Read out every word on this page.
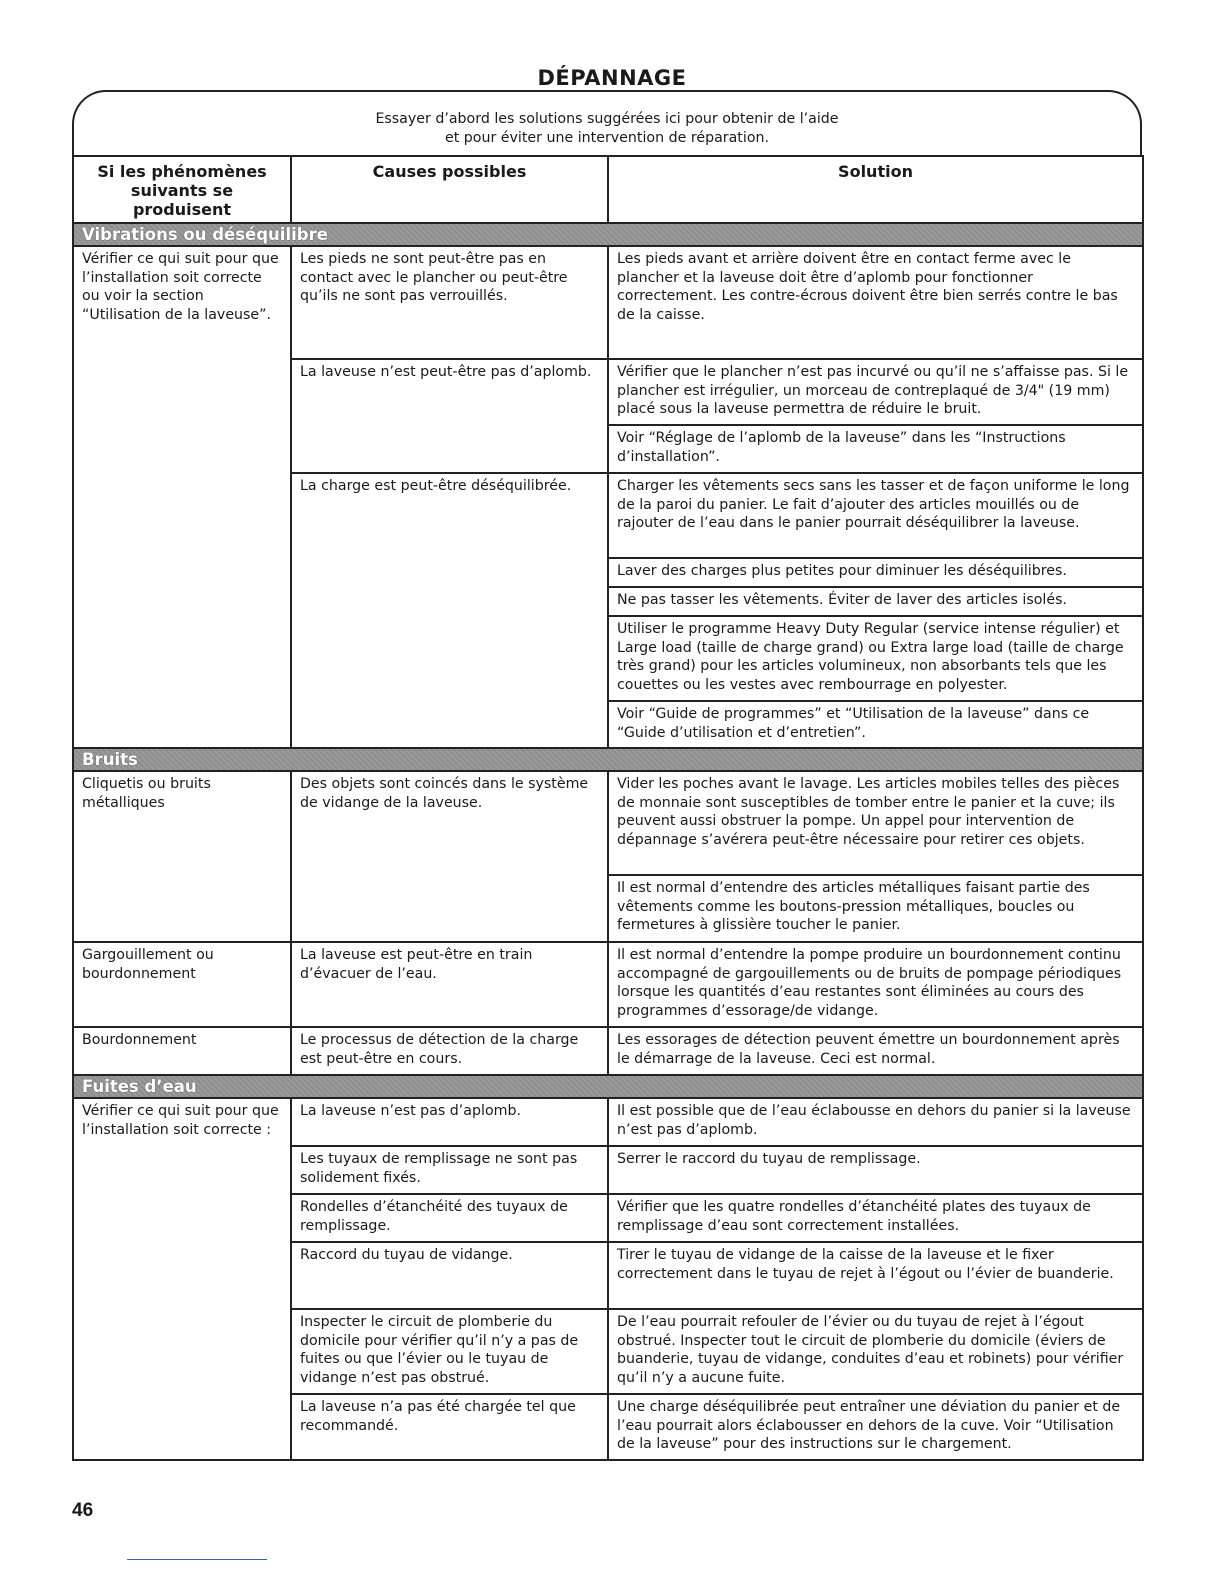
DÉPANNAGE
Essayer d’abord les solutions suggérées ici pour obtenir de l’aide
et pour éviter une intervention de réparation.
Si les phénomènes
suivants se produisent	Causes possibles	Solution
Vibrations ou déséquilibre		
Vérifier ce qui suit pour que l’installation soit correcte ou voir la section “Utilisation de la laveuse”.	Les pieds ne sont peut-être pas en contact avec le plancher ou peut-être qu’ils ne sont pas verrouillés.	Les pieds avant et arrière doivent être en contact ferme avec le plancher et la laveuse doit être d’aplomb pour fonctionner correctement. Les contre-écrous doivent être bien serrés contre le bas de la caisse.
	La laveuse n’est peut-être pas d’aplomb.	Vérifier que le plancher n’est pas incurvé ou qu’il ne s’affaisse pas. Si le plancher est irrégulier, un morceau de contreplaqué de 3/4" (19 mm) placé sous la laveuse permettra de réduire le bruit.
		Voir “Réglage de l’aplomb de la laveuse” dans les “Instructions d’installation”.
	La charge est peut-être déséquilibrée.	Charger les vêtements secs sans les tasser et de façon uniforme le long de la paroi du panier. Le fait d’ajouter des articles mouillés ou de rajouter de l’eau dans le panier pourrait déséquilibrer la laveuse.
		Laver des charges plus petites pour diminuer les déséquilibres.
		Ne pas tasser les vêtements. Éviter de laver des articles isolés.
		Utiliser le programme Heavy Duty Regular (service intense régulier) et Large load (taille de charge grand) ou Extra large load (taille de charge très grand) pour les articles volumineux, non absorbants tels que les couettes ou les vestes avec rembourrage en polyester.
		Voir “Guide de programmes” et “Utilisation de la laveuse” dans ce “Guide d’utilisation et d’entretien”.
Bruits		
Cliquetis ou bruits métalliques	Des objets sont coincés dans le système de vidange de la laveuse.	Vider les poches avant le lavage. Les articles mobiles telles des pièces de monnaie sont susceptibles de tomber entre le panier et la cuve; ils peuvent aussi obstruer la pompe. Un appel pour intervention de dépannage s’avérera peut-être nécessaire pour retirer ces objets.
		Il est normal d’entendre des articles métalliques faisant partie des vêtements comme les boutons-pression métalliques, boucles ou fermetures à glissière toucher le panier.
Gargouillement ou bourdonnement	La laveuse est peut-être en train d’évacuer de l’eau.	Il est normal d’entendre la pompe produire un bourdonnement continu accompagné de gargouillements ou de bruits de pompage périodiques lorsque les quantités d’eau restantes sont éliminées au cours des programmes d’essorage/de vidange.
Bourdonnement	Le processus de détection de la charge est peut-être en cours.	Les essorages de détection peuvent émettre un bourdonnement après le démarrage de la laveuse. Ceci est normal.
Fuites d’eau		
Vérifier ce qui suit pour que l’installation soit correcte :	La laveuse n’est pas d’aplomb.	Il est possible que de l’eau éclabousse en dehors du panier si la laveuse n’est pas d’aplomb.
	Les tuyaux de remplissage ne sont pas solidement fixés.	Serrer le raccord du tuyau de remplissage.
	Rondelles d’étanchéité des tuyaux de remplissage.	Vérifier que les quatre rondelles d’étanchéité plates des tuyaux de remplissage d’eau sont correctement installées.
	Raccord du tuyau de vidange.	Tirer le tuyau de vidange de la caisse de la laveuse et le fixer correctement dans le tuyau de rejet à l’égout ou l’évier de buanderie.
	Inspecter le circuit de plomberie du domicile pour vérifier qu’il n’y a pas de fuites ou que l’évier ou le tuyau de vidange n’est pas obstrué.	De l’eau pourrait refouler de l’évier ou du tuyau de rejet à l’égout obstrué. Inspecter tout le circuit de plomberie du domicile (éviers de buanderie, tuyau de vidange, conduites d’eau et robinets) pour vérifier qu’il n’y a aucune fuite.
	La laveuse n’a pas été chargée tel que recommandé.	Une charge déséquilibrée peut entraîner une déviation du panier et de l’eau pourrait alors éclabousser en dehors de la cuve. Voir “Utilisation de la laveuse” pour des instructions sur le chargement.
46
